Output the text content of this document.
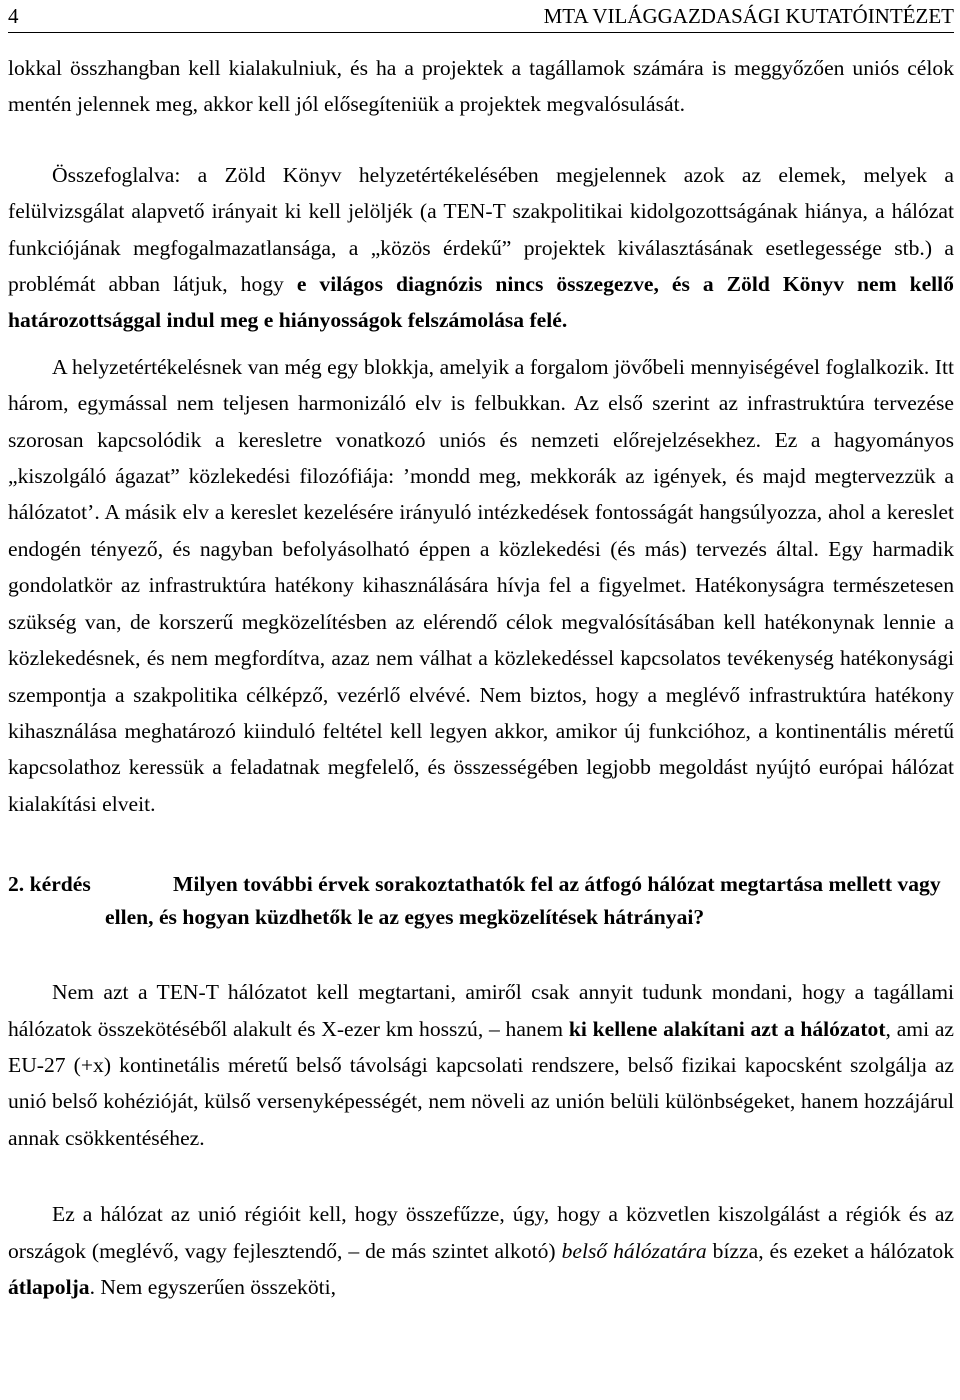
4	MTA VILÁGGAZDASÁGI KUTATÓINTÉZET

lokkal összhangban kell kialakulniuk, és ha a projektek a tagállamok számára is meggyőzően uniós célok mentén jelennek meg, akkor kell jól elősegíteniük a projektek megvalósulását.

Összefoglalva: a Zöld Könyv helyzetértékelésében megjelennek azok az elemek, melyek a felülvizsgálat alapvető irányait ki kell jelöljék (a TEN-T szakpolitikai kidolgozottságának hiánya, a hálózat funkciójának megfogalmazatlansága, a „közös érdekű” projektek kiválasztásának esetlegessége stb.) a problémát abban látjuk, hogy e világos diagnózis nincs összegezve, és a Zöld Könyv nem kellő határozottsággal indul meg e hiányosságok felszámolása felé.

A helyzetértékelésnek van még egy blokkja, amelyik a forgalom jövőbeli mennyiségével foglalkozik. Itt három, egymással nem teljesen harmonizáló elv is felbukkan. Az első szerint az infrastruktúra tervezése szorosan kapcsolódik a keresletre vonatkozó uniós és nemzeti előrejelzésekhez. Ez a hagyományos „kiszolgáló ágazat” közlekedési filozófiája: ’mondd meg, mekkorák az igények, és majd megtervezzük a hálózatot’. A másik elv a kereslet kezelésére irányuló intézkedések fontosságát hangsúlyozza, ahol a kereslet endogén tényező, és nagyban befolyásolható éppen a közlekedési (és más) tervezés által. Egy harmadik gondolatkör az infrastruktúra hatékony kihasználására hívja fel a figyelmet. Hatékonyságra természetesen szükség van, de korszerű megközelítésben az elérendő célok megvalósításában kell hatékonynak lennie a közlekedésnek, és nem megfordítva, azaz nem válhat a közlekedéssel kapcsolatos tevékenység hatékonysági szempontja a szakpolitika célképző, vezérlő elvévé. Nem biztos, hogy a meglévő infrastruktúra hatékony kihasználása meghatározó kiinduló feltétel kell legyen akkor, amikor új funkcióhoz, a kontinentális méretű kapcsolathoz keressük a feladatnak megfelelő, és összességében legjobb megoldást nyújtó európai hálózat kialakítási elveit.

2. kérdés	Milyen további érvek sorakoztathatók fel az átfogó hálózat megtartása mellett vagy ellen, és hogyan küzdhetők le az egyes megközelítések hátrányai?

Nem azt a TEN-T hálózatot kell megtartani, amiről csak annyit tudunk mondani, hogy a tagállami hálózatok összekötéséből alakult és X-ezer km hosszú, – hanem ki kellene alakítani azt a hálózatot, ami az EU-27 (+x) kontinetális méretű belső távolsági kapcsolati rendszere, belső fizikai kapocsként szolgálja az unió belső kohézióját, külső versenyképességét, nem növeli az unión belüli különbségeket, hanem hozzájárul annak csökkentéséhez.

Ez a hálózat az unió régióit kell, hogy összefűzze, úgy, hogy a közvetlen kiszolgálást a régiók és az országok (meglévő, vagy fejlesztendő, – de más szintet alkotó) belső hálózatára bízza, és ezeket a hálózatok átlapolja. Nem egyszerűen összeköti,
